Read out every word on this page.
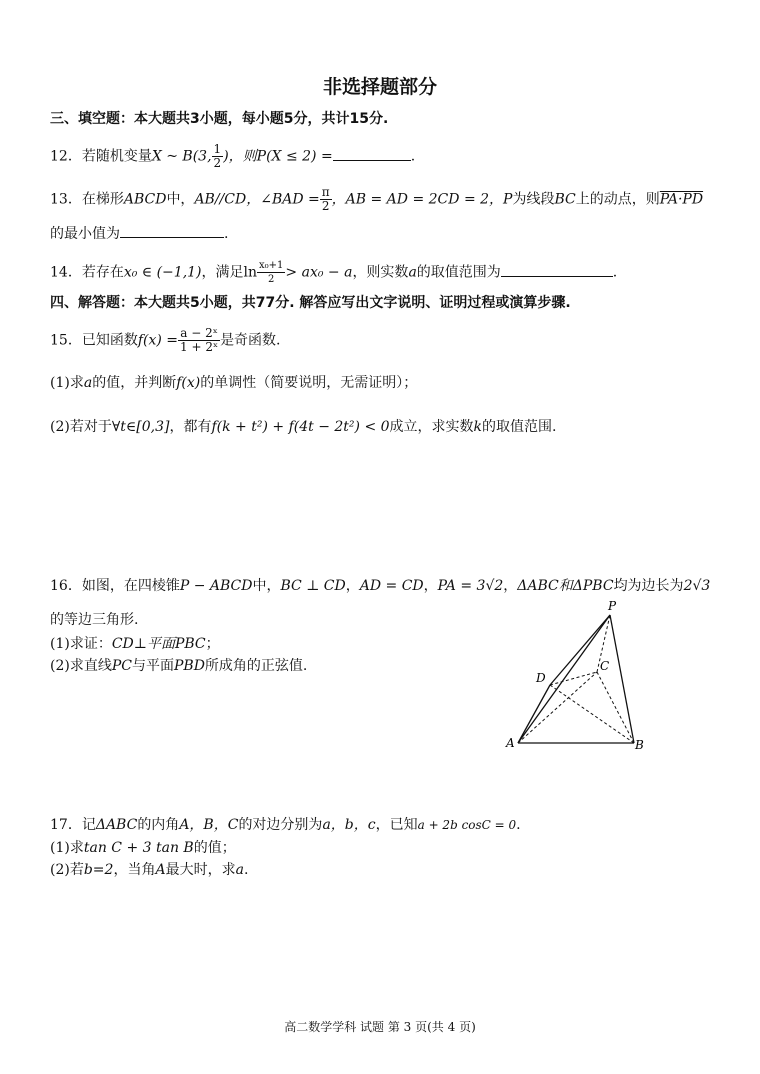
非选择题部分
三、填空题：本大题共3小题，每小题5分，共计15分.
12．若随机变量X ~ B(3, $\frac{1}{2}$ )，则P(X ≤ 2) =	.
13．在梯形ABCD中，AB//CD，∠BAD = $\frac{\pi}{2}$ ，AB = AD = 2CD = 2，P为线段BC上的动点，则PA·PD
的最小值为	.
14．若存在x₀ ∈ (−1,1)，满足$\ln \frac{\text{x₀+1}}{2} > ax_0 - a$，则实数a的取值范围为	.
四、解答题：本大题共5小题，共77分. 解答应写出文字说明、证明过程或演算步骤.
15．已知函数$f(x) = \frac{\text{a − 2ˣ}}{\text{1 + 2ˣ}}$ 是奇函数.
(1)求a的值，并判断f(x)的单调性（简要说明，无需证明）；
(2)若对于∀t∈[0,3]，都有f(k + t²) + f(4t − 2t²) < 0成立，求实数k的取值范围.
16．如图，在四棱锥P − ABCD中，BC ⊥ CD，AD = CD，PA = 3√2，ΔABC和ΔPBC均为边长为2√3
的等边三角形.
(1)求证：CD⊥平面PBC；
(2)求直线PC与平面PBD所成角的正弦值.
P
C
D
A	B
17．记ΔABC的内角A，B，C的对边分别为a，b，c，已知a + 2b cosC = 0.
(1)求tan C + 3 tan B的值；
(2)若b=2，当角A最大时，求a.
高二数学学科 试题 第 3 页(共 4 页)
